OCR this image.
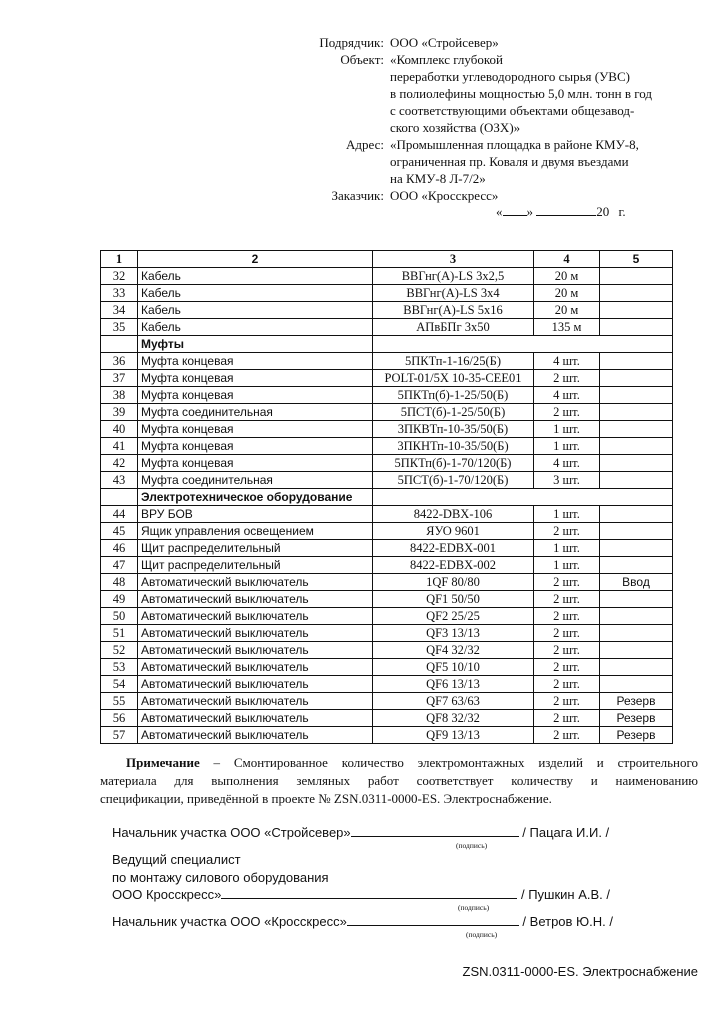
Подрядчик: ООО «Стройсевер»
Объект: «Комплекс глубокой
переработки углеводородного сырья (УВС)
в полиолефины мощностью 5,0 млн. тонн в год
с соответствующими объектами общезавод-
ского хозяйства (ОЗХ)»
Адрес: «Промышленная площадка в районе КМУ-8,
ограниченная пр. Коваля и двумя въездами
на КМУ-8 Л-7/2»
Заказчик: ООО «Кросскресс»
« »	20 г.
1	2	3	4	5
32	Кабель	ВВГнг(А)-LS 3х2,5	20 м	
33	Кабель	ВВГнг(А)-LS 3х4	20 м	
34	Кабель	ВВГнг(А)-LS 5х16	20 м	
35	Кабель	АПвБПг 3х50	135 м	
	Муфты			
36	Муфта концевая	5ПКТп-1-16/25(Б)	4 шт.	
37	Муфта концевая	POLT-01/5X 10-35-CEE01	2 шт.	
38	Муфта концевая	5ПКТп(б)-1-25/50(Б)	4 шт.	
39	Муфта соединительная	5ПСТ(б)-1-25/50(Б)	2 шт.	
40	Муфта концевая	3ПКВТп-10-35/50(Б)	1 шт.	
41	Муфта концевая	3ПКНТп-10-35/50(Б)	1 шт.	
42	Муфта концевая	5ПКТп(б)-1-70/120(Б)	4 шт.	
43	Муфта соединительная	5ПСТ(б)-1-70/120(Б)	3 шт.	
	Электротехническое оборудование			
44	ВРУ БОВ	8422-DBX-106	1 шт.	
45	Ящик управления освещением	ЯУО 9601	2 шт.	
46	Щит распределительный	8422-EDBX-001	1 шт.	
47	Щит распределительный	8422-EDBX-002	1 шт.	
48	Автоматический выключатель	1QF 80/80	2 шт.	Ввод
49	Автоматический выключатель	QF1 50/50	2 шт.	
50	Автоматический выключатель	QF2 25/25	2 шт.	
51	Автоматический выключатель	QF3 13/13	2 шт.	
52	Автоматический выключатель	QF4 32/32	2 шт.	
53	Автоматический выключатель	QF5 10/10	2 шт.	
54	Автоматический выключатель	QF6 13/13	2 шт.	
55	Автоматический выключатель	QF7 63/63	2 шт.	Резерв
56	Автоматический выключатель	QF8 32/32	2 шт.	Резерв
57	Автоматический выключатель	QF9 13/13	2 шт.	Резерв
Примечание – Смонтированное количество электромонтажных изделий и строительного
материала для выполнения земляных работ соответствует количеству и наименованию
спецификации, приведённой в проекте № ZSN.0311-0000-ES. Электроснабжение.
Начальник участка ООО «Стройсевер»	/ Пацага И.И. /
(подпись)
Ведущий специалист
по монтажу силового оборудования
ООО Кросскресс»	/ Пушкин А.В. /
(подпись)
Начальник участка ООО «Кросскресс»	/ Ветров Ю.Н. /
(подпись)
ZSN.0311-0000-ES. Электроснабжение
